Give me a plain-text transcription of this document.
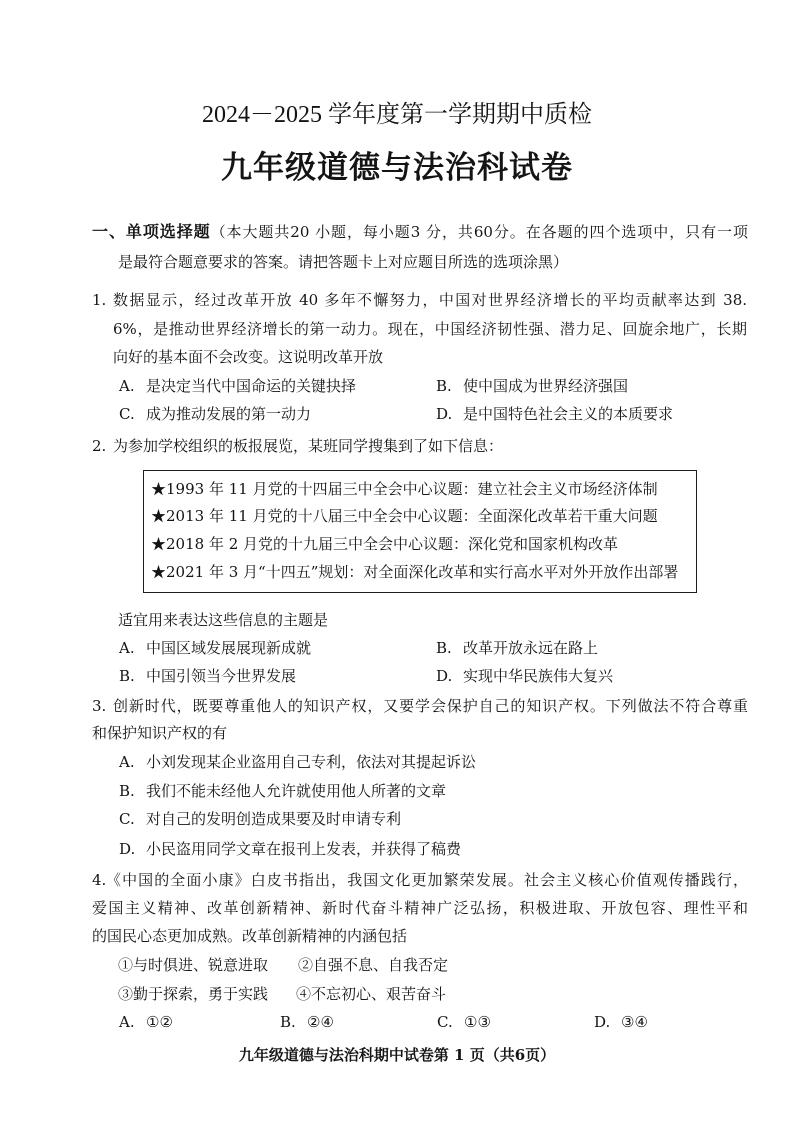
2024－2025 学年度第一学期期中质检
九年级道德与法治科试卷
一、单项选择题（本大题共20 小题，每小题3 分，共60分。在各题的四个选项中，只有一项
是最符合题意要求的答案。请把答题卡上对应题目所选的选项涂黑）
1. 数据显示，经过改革开放 40 多年不懈努力，中国对世界经济增长的平均贡献率达到 38.
6%，是推动世界经济增长的第一动力。现在，中国经济韧性强、潜力足、回旋余地广，长期
向好的基本面不会改变。这说明改革开放
A. 是决定当代中国命运的关键抉择	B. 使中国成为世界经济强国
C. 成为推动发展的第一动力	D. 是中国特色社会主义的本质要求
2. 为参加学校组织的板报展览，某班同学搜集到了如下信息：
★1993 年 11 月党的十四届三中全会中心议题：建立社会主义市场经济体制
★2013 年 11 月党的十八届三中全会中心议题：全面深化改革若干重大问题
★2018 年 2 月党的十九届三中全会中心议题：深化党和国家机构改革
★2021 年 3 月“十四五”规划：对全面深化改革和实行高水平对外开放作出部署
适宜用来表达这些信息的主题是
A. 中国区域发展展现新成就	B. 改革开放永远在路上
B. 中国引领当今世界发展	D. 实现中华民族伟大复兴
3. 创新时代，既要尊重他人的知识产权，又要学会保护自己的知识产权。下列做法不符合尊重
和保护知识产权的有
A. 小刘发现某企业盗用自己专利，依法对其提起诉讼
B. 我们不能未经他人允许就使用他人所著的文章
C. 对自己的发明创造成果要及时申请专利
D. 小民盗用同学文章在报刊上发表，并获得了稿费
4. 《中国的全面小康》白皮书指出，我国文化更加繁荣发展。社会主义核心价值观传播践行，
爱国主义精神、改革创新精神、新时代奋斗精神广泛弘扬，积极进取、开放包容、理性平和
的国民心态更加成熟。改革创新精神的内涵包括
①与时俱进、锐意进取 ②自强不息、自我否定
③勤于探索，勇于实践 ④不忘初心、艰苦奋斗
A. ①②	B. ②④	C. ①③	D. ③④
九年级道德与法治科期中试卷第 1 页（共6页）
